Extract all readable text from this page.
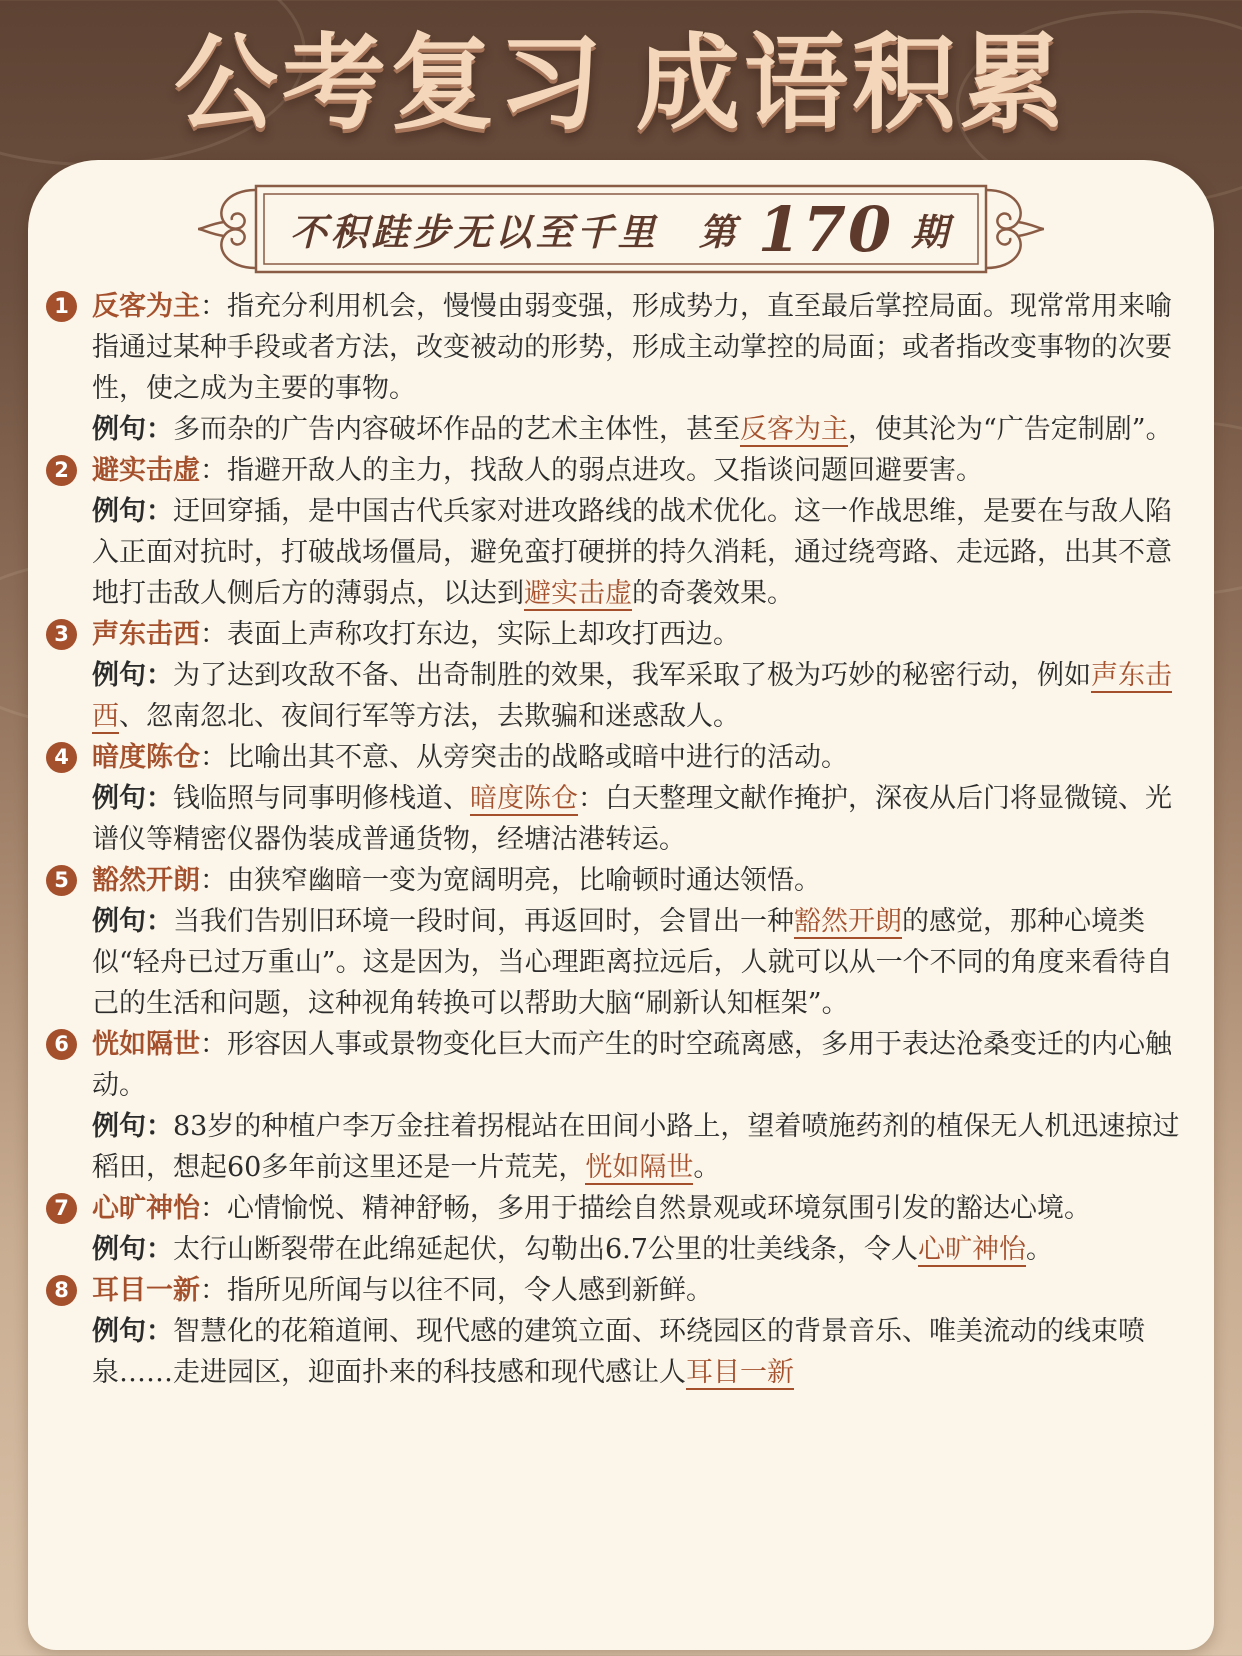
公考复习 成语积累
不积跬步无以至千里 第 170 期
1 反客为主：指充分利用机会，慢慢由弱变强，形成势力，直至最后掌控局面。现常常用来喻指通过某种手段或者方法，改变被动的形势，形成主动掌控的局面；或者指改变事物的次要性，使之成为主要的事物。

例句：多而杂的广告内容破坏作品的艺术主体性，甚至反客为主，使其沦为“广告定制剧”。

2 避实击虚：指避开敌人的主力，找敌人的弱点进攻。又指谈问题回避要害。

例句：迂回穿插，是中国古代兵家对进攻路线的战术优化。这一作战思维，是要在与敌人陷入正面对抗时，打破战场僵局，避免蛮打硬拼的持久消耗，通过绕弯路、走远路，出其不意地打击敌人侧后方的薄弱点，以达到避实击虚的奇袭效果。

3 声东击西：表面上声称攻打东边，实际上却攻打西边。

例句：为了达到攻敌不备、出奇制胜的效果，我军采取了极为巧妙的秘密行动，例如声东击西、忽南忽北、夜间行军等方法，去欺骗和迷惑敌人。

4 暗度陈仓：比喻出其不意、从旁突击的战略或暗中进行的活动。

例句：钱临照与同事明修栈道、暗度陈仓：白天整理文献作掩护，深夜从后门将显微镜、光谱仪等精密仪器伪装成普通货物，经塘沽港转运。

5 豁然开朗：由狭窄幽暗一变为宽阔明亮，比喻顿时通达领悟。

例句：当我们告别旧环境一段时间，再返回时，会冒出一种豁然开朗的感觉，那种心境类似“轻舟已过万重山”。这是因为，当心理距离拉远后，人就可以从一个不同的角度来看待自己的生活和问题，这种视角转换可以帮助大脑“刷新认知框架”。

6 恍如隔世：形容因人事或景物变化巨大而产生的时空疏离感，多用于表达沧桑变迁的内心触动。

例句：83岁的种植户李万金拄着拐棍站在田间小路上，望着喷施药剂的植保无人机迅速掠过稻田，想起60多年前这里还是一片荒芜，恍如隔世。

7 心旷神怡：心情愉悦、精神舒畅，多用于描绘自然景观或环境氛围引发的豁达心境。

例句：太行山断裂带在此绵延起伏，勾勒出6.7公里的壮美线条，令人心旷神怡。

8 耳目一新：指所见所闻与以往不同，令人感到新鲜。

例句：智慧化的花箱道闸、现代感的建筑立面、环绕园区的背景音乐、唯美流动的线束喷泉……走进园区，迎面扑来的科技感和现代感让人耳目一新
